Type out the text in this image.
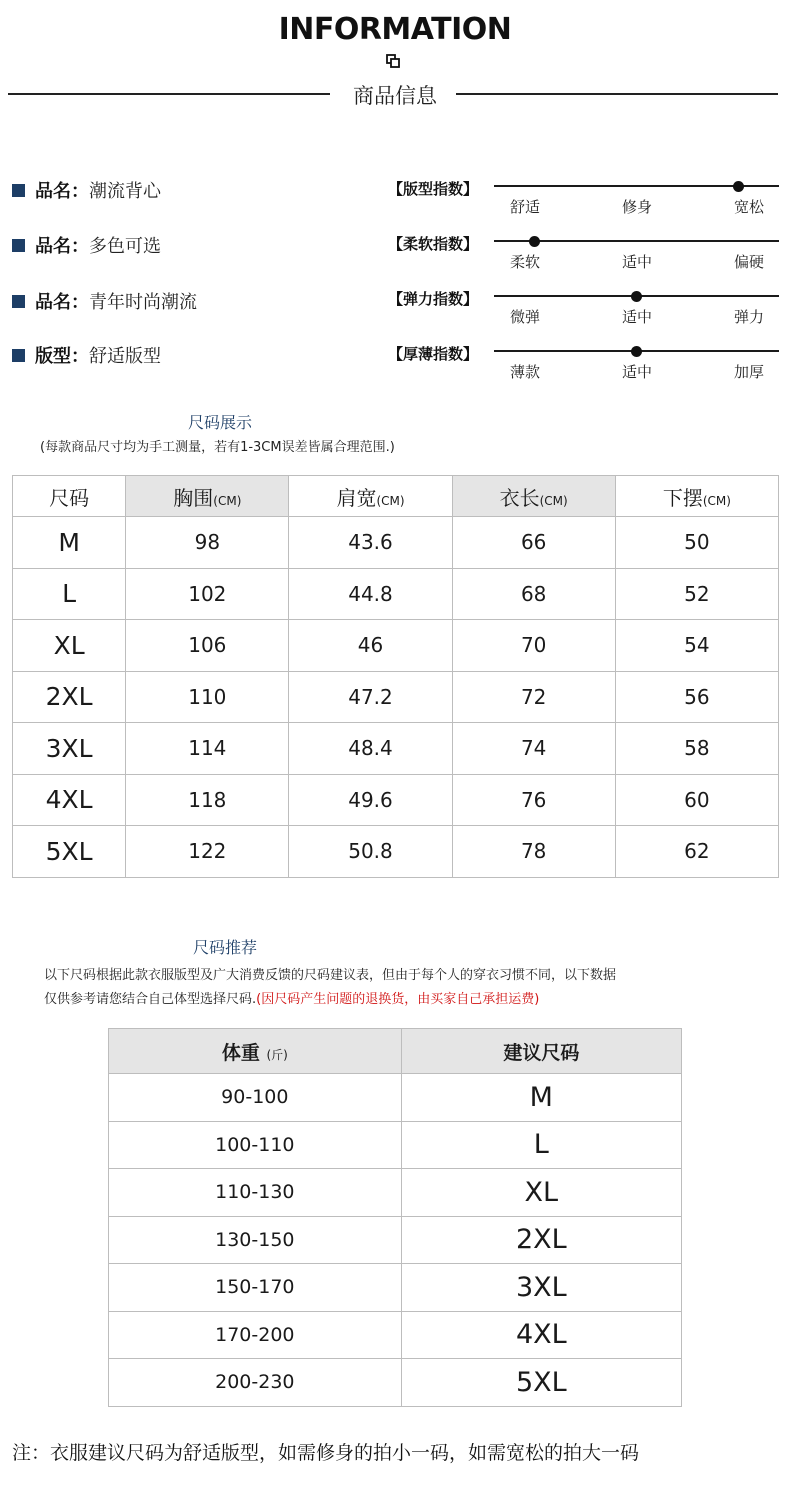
INFORMATION
商品信息
品名： 潮流背心
品名： 多色可选
品名： 青年时尚潮流
版型： 舒适版型
【版型指数】
舒适	修身	宽松
【柔软指数】
柔软	适中	偏硬
【弹力指数】
微弹	适中	弹力
【厚薄指数】
薄款	适中	加厚
尺码展示
(每款商品尺寸均为手工测量，若有1-3CM误差皆属合理范围.)
尺码	胸围(CM)	肩宽(CM)	衣长(CM)	下摆(CM)
M	98	43.6	66	50
L	102	44.8	68	52
XL	106	46	70	54
2XL	110	47.2	72	56
3XL	114	48.4	74	58
4XL	118	49.6	76	60
5XL	122	50.8	78	62
尺码推荐
以下尺码根据此款衣服版型及广大消费反馈的尺码建议表，但由于每个人的穿衣习惯不同，以下数据
仅供参考请您结合自己体型选择尺码.(因尺码产生问题的退换货，由买家自己承担运费)
体重 (斤)	建议尺码
90-100	M
100-110	L
110-130	XL
130-150	2XL
150-170	3XL
170-200	4XL
200-230	5XL
注：衣服建议尺码为舒适版型，如需修身的拍小一码，如需宽松的拍大一码
